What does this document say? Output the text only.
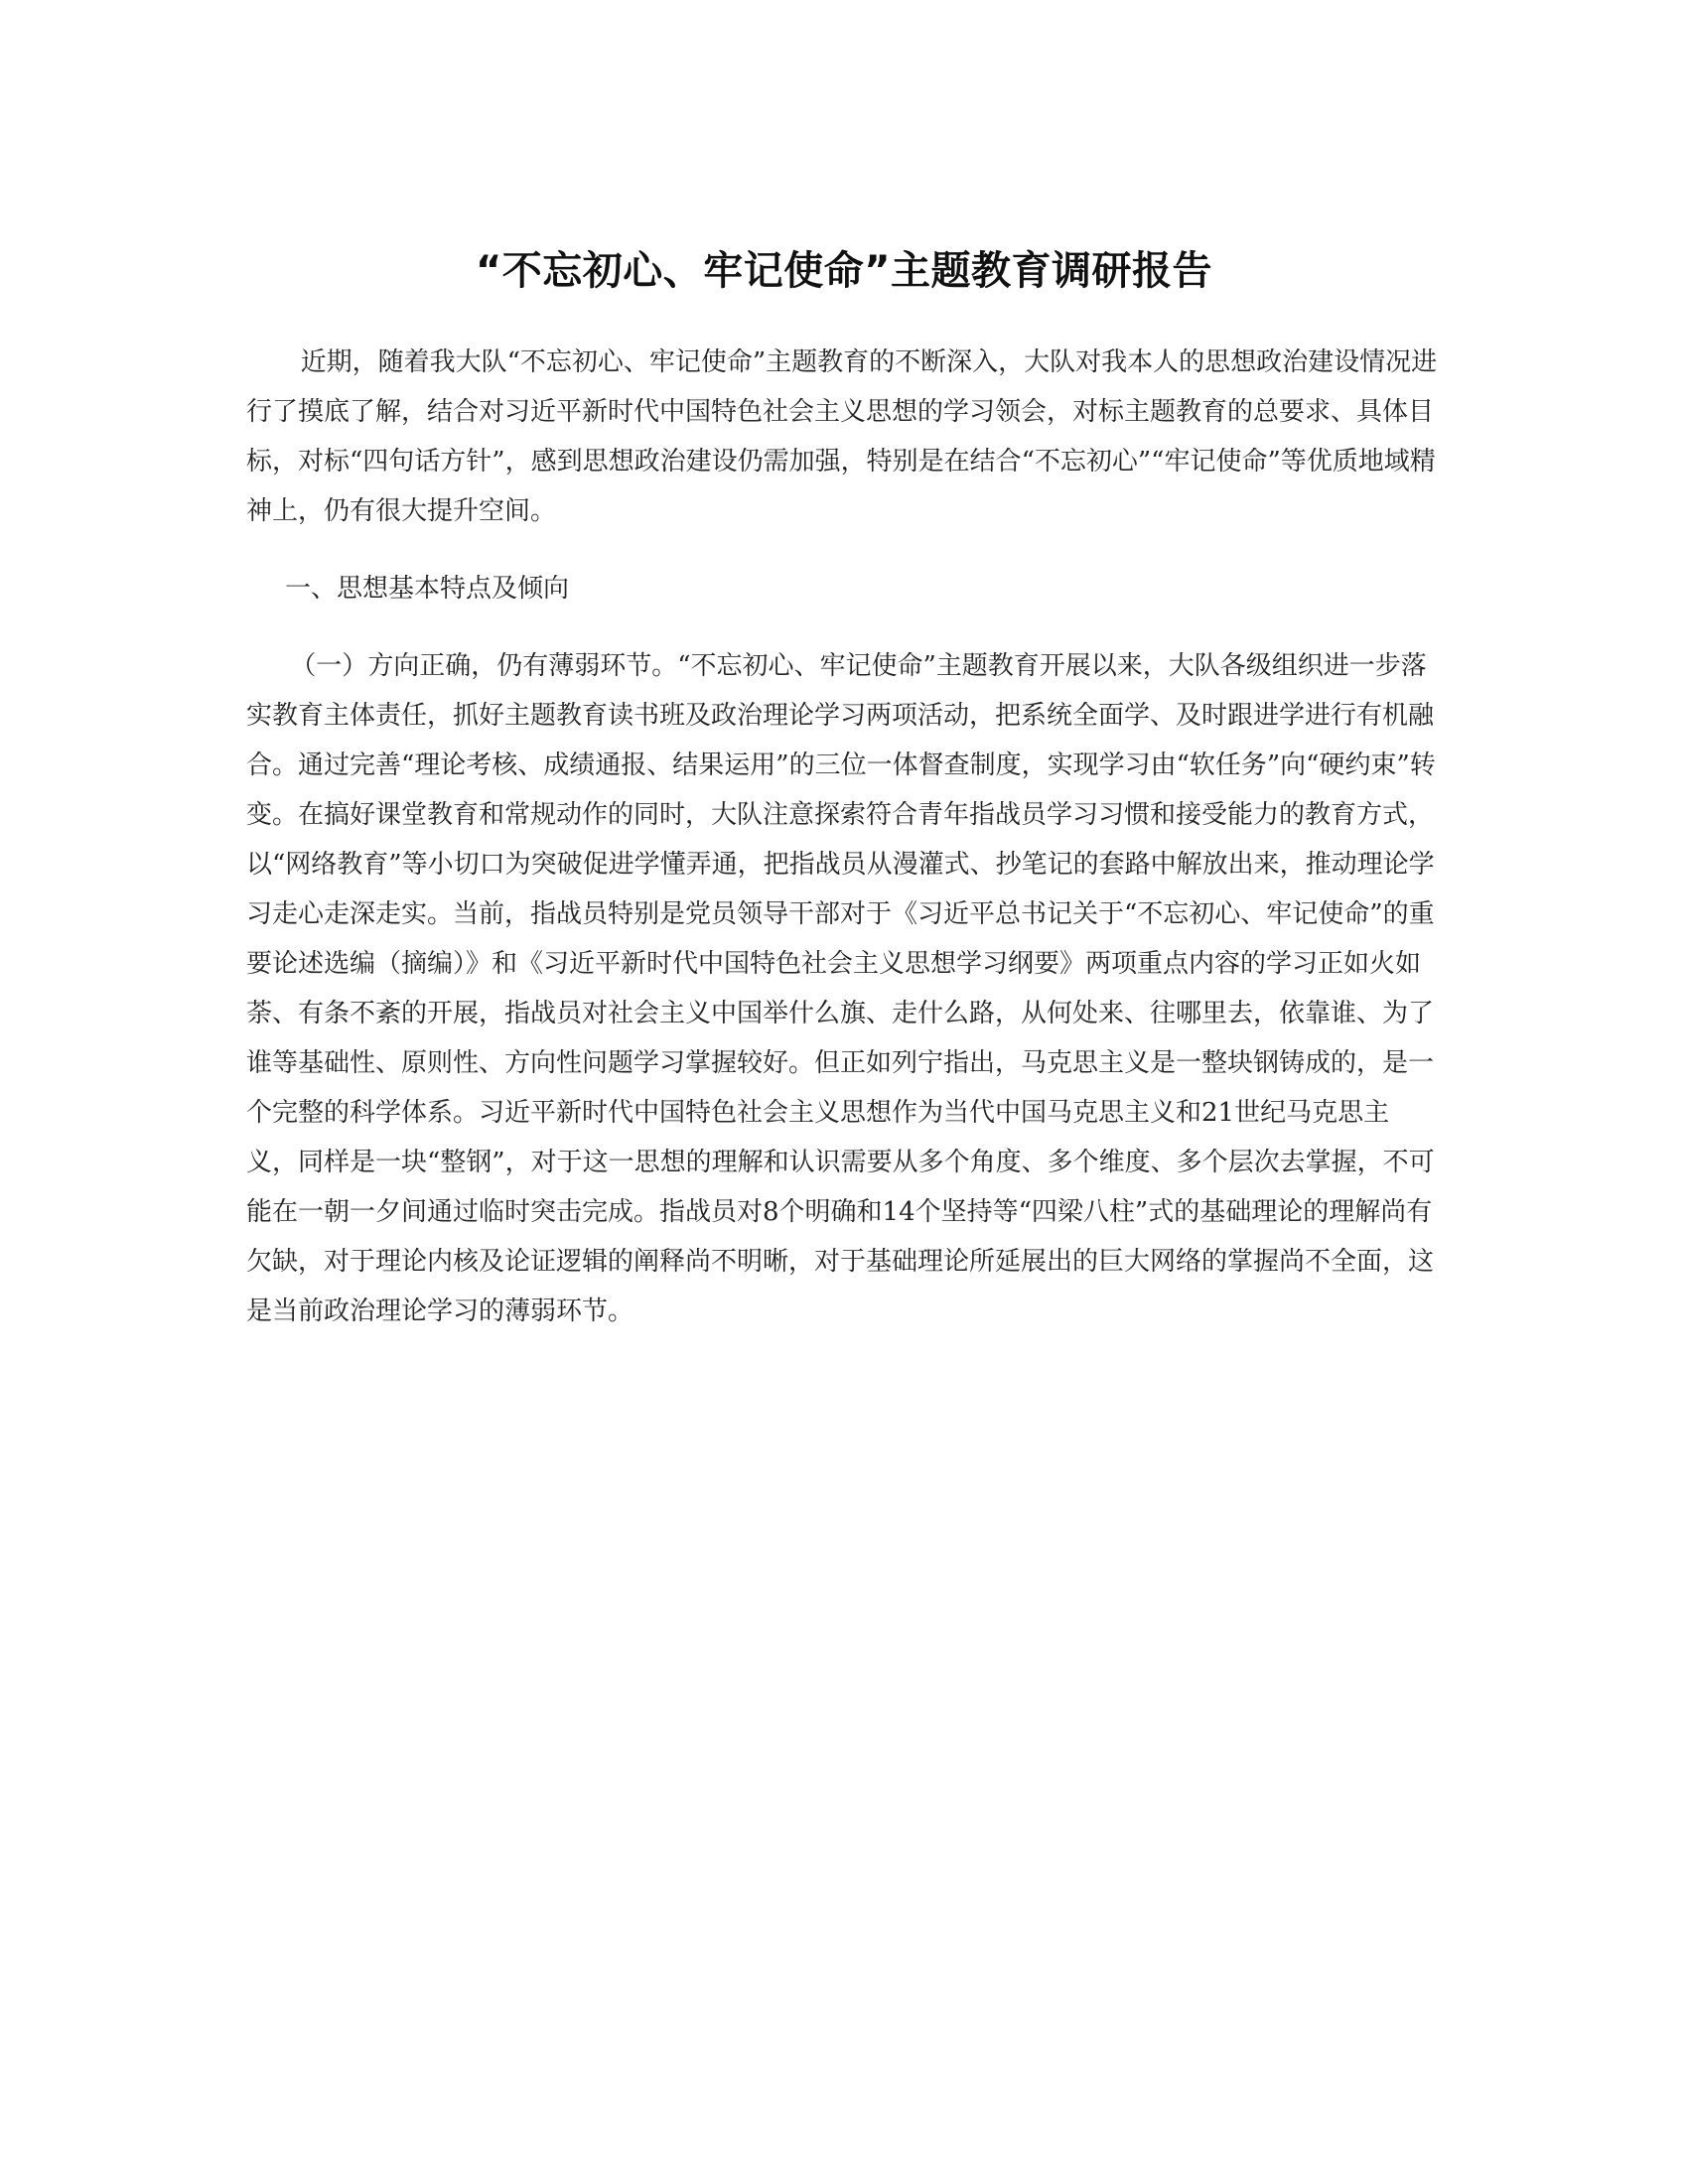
“不忘初心、牢记使命”主题教育调研报告

近期，随着我大队“不忘初心、牢记使命”主题教育的不断深入，大队对我本人的思想政治建设情况进行了摸底了解，结合对习近平新时代中国特色社会主义思想的学习领会，对标主题教育的总要求、具体目标，对标“四句话方针”，感到思想政治建设仍需加强，特别是在结合“不忘初心”“牢记使命”等优质地域精神上，仍有很大提升空间。

一、思想基本特点及倾向

（一）方向正确，仍有薄弱环节。“不忘初心、牢记使命”主题教育开展以来，大队各级组织进一步落实教育主体责任，抓好主题教育读书班及政治理论学习两项活动，把系统全面学、及时跟进学进行有机融合。通过完善“理论考核、成绩通报、结果运用”的三位一体督查制度，实现学习由“软任务”向“硬约束”转变。在搞好课堂教育和常规动作的同时，大队注意探索符合青年指战员学习习惯和接受能力的教育方式，以“网络教育”等小切口为突破促进学懂弄通，把指战员从漫灌式、抄笔记的套路中解放出来，推动理论学习走心走深走实。当前，指战员特别是党员领导干部对于《习近平总书记关于“不忘初心、牢记使命”的重要论述选编（摘编）》和《习近平新时代中国特色社会主义思想学习纲要》两项重点内容的学习正如火如荼、有条不紊的开展，指战员对社会主义中国举什么旗、走什么路，从何处来、往哪里去，依靠谁、为了谁等基础性、原则性、方向性问题学习掌握较好。但正如列宁指出，马克思主义是一整块钢铸成的，是一个完整的科学体系。习近平新时代中国特色社会主义思想作为当代中国马克思主义和21世纪马克思主义，同样是一块“整钢”，对于这一思想的理解和认识需要从多个角度、多个维度、多个层次去掌握，不可能在一朝一夕间通过临时突击完成。指战员对8个明确和14个坚持等“四梁八柱”式的基础理论的理解尚有欠缺，对于理论内核及论证逻辑的阐释尚不明晰，对于基础理论所延展出的巨大网络的掌握尚不全面，这是当前政治理论学习的薄弱环节。
